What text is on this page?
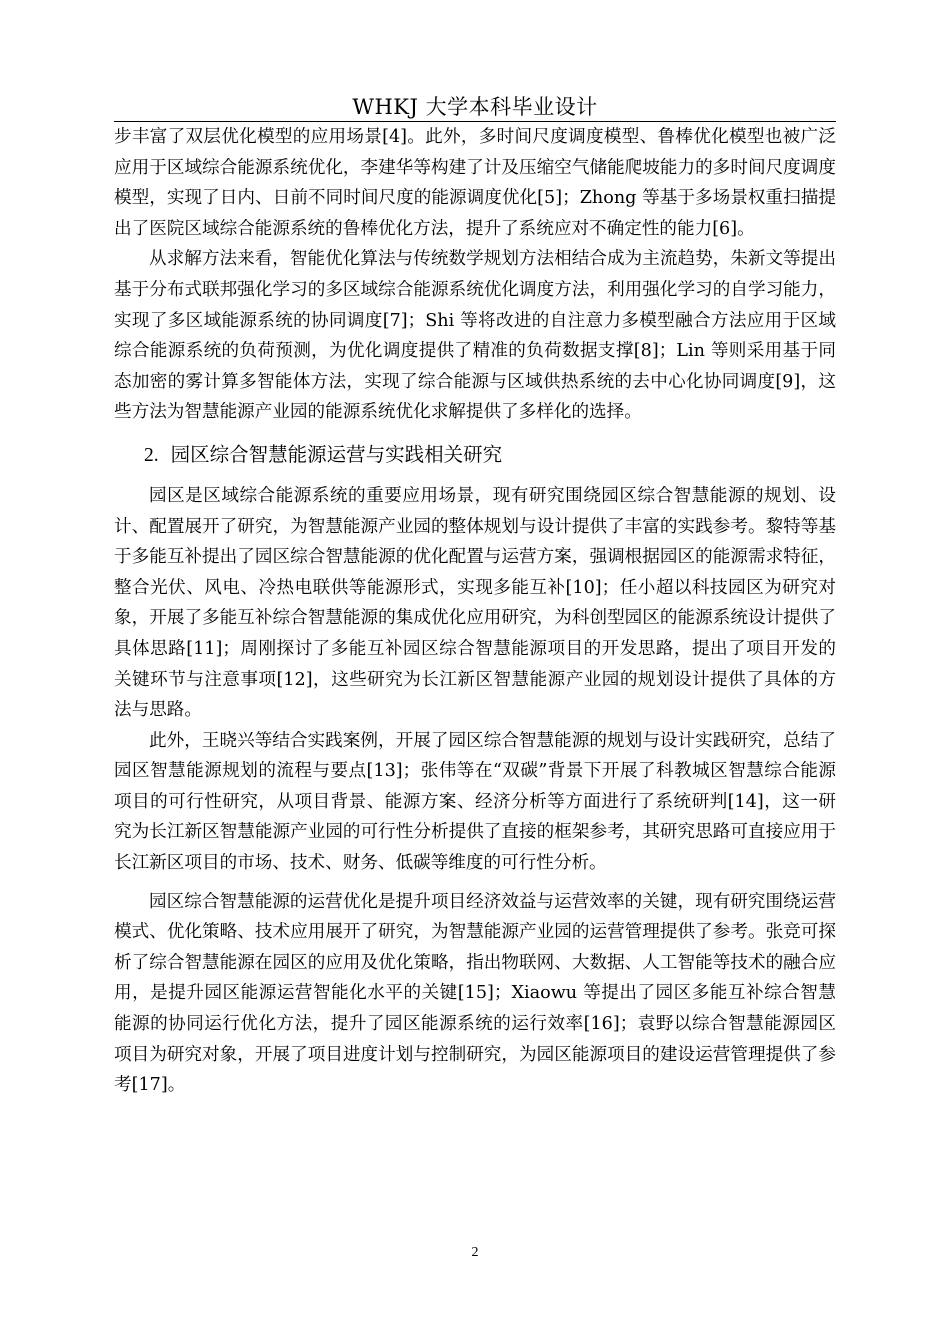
WHKJ 大学本科毕业设计

步丰富了双层优化模型的应用场景[4]。此外，多时间尺度调度模型、鲁棒优化模型也被广泛应用于区域综合能源系统优化，李建华等构建了计及压缩空气储能爬坡能力的多时间尺度调度模型，实现了日内、日前不同时间尺度的能源调度优化[5]；Zhong 等基于多场景权重扫描提出了医院区域综合能源系统的鲁棒优化方法，提升了系统应对不确定性的能力[6]。

从求解方法来看，智能优化算法与传统数学规划方法相结合成为主流趋势，朱新文等提出基于分布式联邦强化学习的多区域综合能源系统优化调度方法，利用强化学习的自学习能力，实现了多区域能源系统的协同调度[7]；Shi 等将改进的自注意力多模型融合方法应用于区域综合能源系统的负荷预测，为优化调度提供了精准的负荷数据支撑[8]；Lin 等则采用基于同态加密的雾计算多智能体方法，实现了综合能源与区域供热系统的去中心化协同调度[9]，这些方法为智慧能源产业园的能源系统优化求解提供了多样化的选择。

2. 园区综合智慧能源运营与实践相关研究

园区是区域综合能源系统的重要应用场景，现有研究围绕园区综合智慧能源的规划、设计、配置展开了研究，为智慧能源产业园的整体规划与设计提供了丰富的实践参考。黎特等基于多能互补提出了园区综合智慧能源的优化配置与运营方案，强调根据园区的能源需求特征，整合光伏、风电、冷热电联供等能源形式，实现多能互补[10]；任小超以科技园区为研究对象，开展了多能互补综合智慧能源的集成优化应用研究，为科创型园区的能源系统设计提供了具体思路[11]；周刚探讨了多能互补园区综合智慧能源项目的开发思路，提出了项目开发的关键环节与注意事项[12]，这些研究为长江新区智慧能源产业园的规划设计提供了具体的方法与思路。

此外，王晓兴等结合实践案例，开展了园区综合智慧能源的规划与设计实践研究，总结了园区智慧能源规划的流程与要点[13]；张伟等在“双碳”背景下开展了科教城区智慧综合能源项目的可行性研究，从项目背景、能源方案、经济分析等方面进行了系统研判[14]，这一研究为长江新区智慧能源产业园的可行性分析提供了直接的框架参考，其研究思路可直接应用于长江新区项目的市场、技术、财务、低碳等维度的可行性分析。

园区综合智慧能源的运营优化是提升项目经济效益与运营效率的关键，现有研究围绕运营模式、优化策略、技术应用展开了研究，为智慧能源产业园的运营管理提供了参考。张竞可探析了综合智慧能源在园区的应用及优化策略，指出物联网、大数据、人工智能等技术的融合应用，是提升园区能源运营智能化水平的关键[15]；Xiaowu 等提出了园区多能互补综合智慧能源的协同运行优化方法，提升了园区能源系统的运行效率[16]；袁野以综合智慧能源园区项目为研究对象，开展了项目进度计划与控制研究，为园区能源项目的建设运营管理提供了参考[17]。

2
